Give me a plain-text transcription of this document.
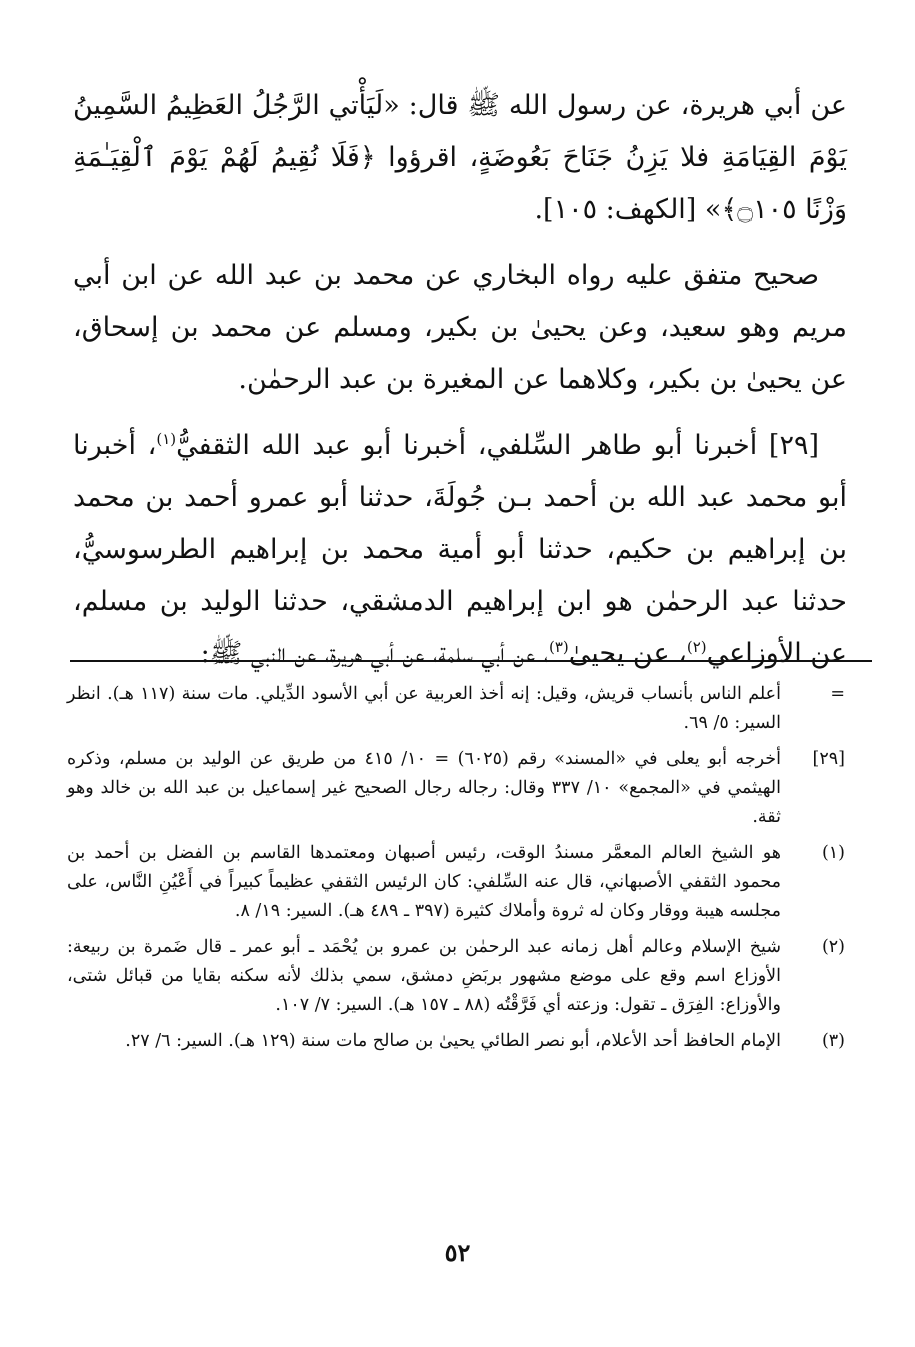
عن أبي هريرة، عن رسول الله ﷺ قال: «لَيَأْتي الرَّجُلُ العَظِيمُ السَّمِينُ يَوْمَ القِيَامَةِ فلا يَزِنُ جَنَاحَ بَعُوضَةٍ، اقرؤوا ﴿فَلَا نُقِيمُ لَهُمْ يَوْمَ ٱلْقِيَـٰمَةِ وَزْنًا ۝١٠٥﴾» [الكهف: ١٠٥].

صحيح متفق عليه رواه البخاري عن محمد بن عبد الله عن ابن أبي مريم وهو سعيد، وعن يحيىٰ بن بكير، ومسلم عن محمد بن إسحاق، عن يحيىٰ بن بكير، وكلاهما عن المغيرة بن عبد الرحمٰن.

[٢٩] أخبرنا أبو طاهر السِّلفي، أخبرنا أبو عبد الله الثقفيُّ$^{(١)}$، أخبرنا أبو محمد عبد الله بن أحمد بـن جُولَةَ، حدثنا أبو عمرو أحمد بن محمد بن إبراهيم بن حكيم، حدثنا أبو أمية محمد بن إبراهيم الطرسوسيُّ، حدثنا عبد الرحمٰن هو ابن إبراهيم الدمشقي، حدثنا الوليد بن مسلم، عن الأوزاعي$^{(٢)}$، عن يحيىٰ$^{(٣)}$، عن أبي سلمة، عن أبي هريرة، عن النبي ﷺ:

=
أعلم الناس بأنساب قريش، وقيل: إنه أخذ العربية عن أبي الأسود الدِّيلي. مات سنة (١١٧ هـ). انظر السير: ٥/ ٦٩.
[٢٩]
أخرجه أبو يعلى في «المسند» رقم (٦٠٢٥) = ١٠/ ٤١٥ من طريق عن الوليد بن مسلم، وذكره الهيثمي في «المجمع» ١٠/ ٣٣٧ وقال: رجاله رجال الصحيح غير إسماعيل بن عبد الله بن خالد وهو ثقة.
(١)
هو الشيخ العالم المعمَّر مسندُ الوقت، رئيس أصبهان ومعتمدها القاسم بن الفضل بن أحمد بن محمود الثقفي الأصبهاني، قال عنه السِّلفي: كان الرئيس الثقفي عظيماً كبيراً في أَعْيُنِ النَّاس، على مجلسه هيبة ووقار وكان له ثروة وأملاك كثيرة (٣٩٧ ـ ٤٨٩ هـ). السير: ١٩/ ٨.
(٢)
شيخ الإسلام وعالم أهل زمانه عبد الرحمٰن بن عمرو بن يُحْمَد ـ أبو عمر ـ قال ضَمرة بن ربيعة: الأوزاع اسم وقع على موضع مشهور بربَضِ دمشق، سمي بذلك لأنه سكنه بقايا من قبائل شتى، والأوزاع: الفِرَق ـ تقول: وزعته أي فَرَّقْتُه (٨٨ ـ ١٥٧ هـ). السير: ٧/ ١٠٧.
(٣)
الإمام الحافظ أحد الأعلام، أبو نصر الطائي يحيىٰ بن صالح مات سنة (١٢٩ هـ). السير: ٦/ ٢٧.
٥٢
